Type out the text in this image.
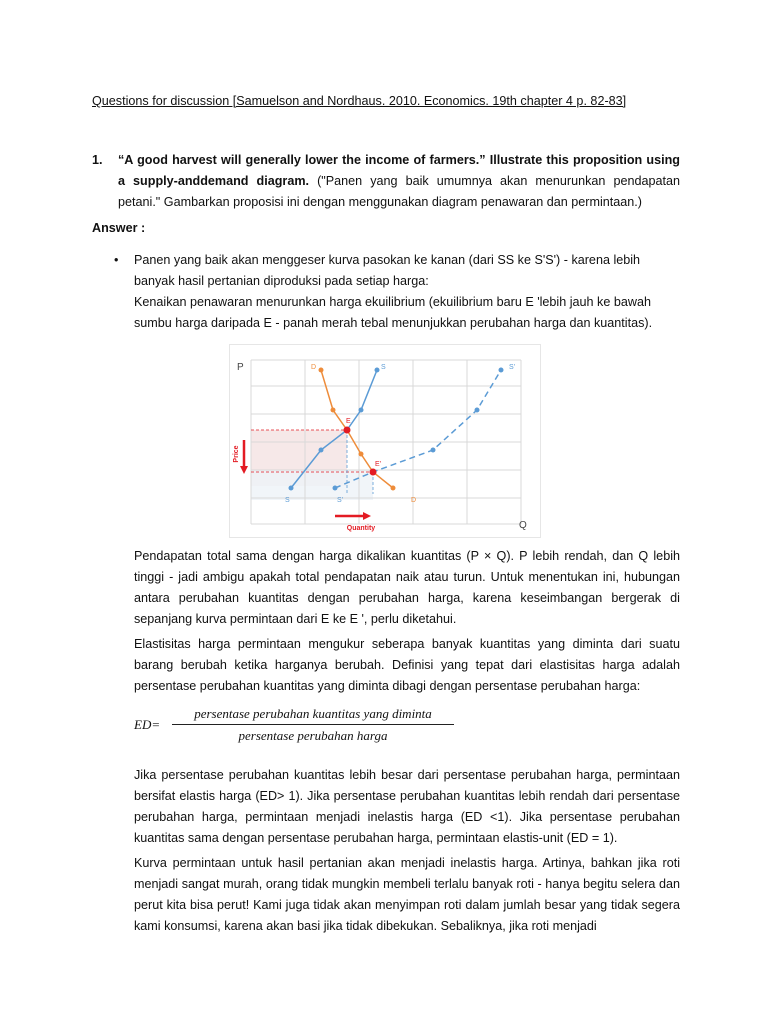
Questions for discussion [Samuelson and Nordhaus. 2010. Economics. 19th chapter 4 p. 82-83]
1. “A good harvest will generally lower the income of farmers.” Illustrate this proposition using a supply-anddemand diagram. ("Panen yang baik umumnya akan menurunkan pendapatan petani." Gambarkan proposisi ini dengan menggunakan diagram penawaran dan permintaan.)
Answer :
• Panen yang baik akan menggeser kurva pasokan ke kanan (dari SS ke S'S') - karena lebih banyak hasil pertanian diproduksi pada setiap harga:
Kenaikan penawaran menurunkan harga ekuilibrium (ekuilibrium baru E 'lebih jauh ke bawah sumbu harga daripada E - panah merah tebal menunjukkan perubahan harga dan kuantitas).
P
Q
D
D
S
S
S'
S'
E
E'
Price
Quantity
Pendapatan total sama dengan harga dikalikan kuantitas (P × Q). P lebih rendah, dan Q lebih tinggi - jadi ambigu apakah total pendapatan naik atau turun. Untuk menentukan ini, hubungan antara perubahan kuantitas dengan perubahan harga, karena keseimbangan bergerak di sepanjang kurva permintaan dari E ke E ', perlu diketahui.
Elastisitas harga permintaan mengukur seberapa banyak kuantitas yang diminta dari suatu barang berubah ketika harganya berubah. Definisi yang tepat dari elastisitas harga adalah persentase perubahan kuantitas yang diminta dibagi dengan persentase perubahan harga:
ED=
persentase perubahan kuantitas yang diminta
persentase perubahan harga
Jika persentase perubahan kuantitas lebih besar dari persentase perubahan harga, permintaan bersifat elastis harga (ED> 1). Jika persentase perubahan kuantitas lebih rendah dari persentase perubahan harga, permintaan menjadi inelastis harga (ED <1). Jika persentase perubahan kuantitas sama dengan persentase perubahan harga, permintaan elastis-unit (ED = 1).
Kurva permintaan untuk hasil pertanian akan menjadi inelastis harga. Artinya, bahkan jika roti menjadi sangat murah, orang tidak mungkin membeli terlalu banyak roti - hanya begitu selera dan perut kita bisa perut! Kami juga tidak akan menyimpan roti dalam jumlah besar yang tidak segera kami konsumsi, karena akan basi jika tidak dibekukan. Sebaliknya, jika roti menjadi
